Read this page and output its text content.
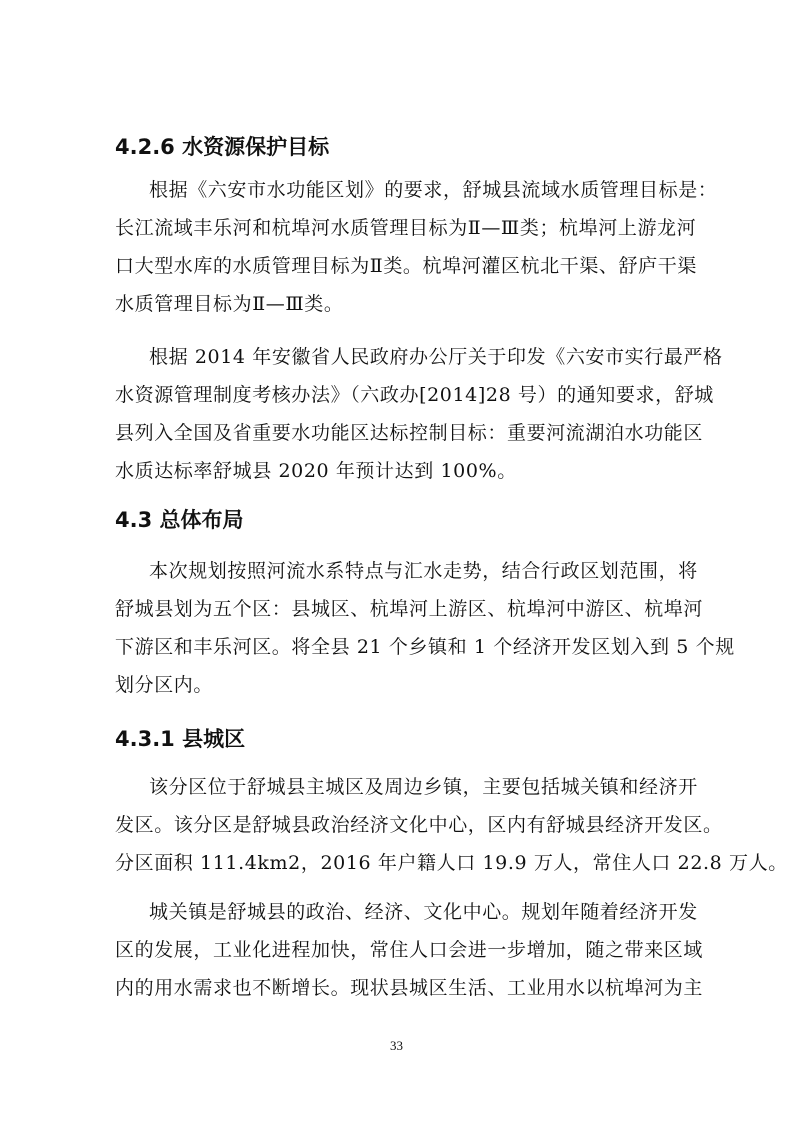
4.2.6 水资源保护目标
根据《六安市水功能区划》的要求，舒城县流域水质管理目标是：
长江流域丰乐河和杭埠河水质管理目标为Ⅱ—Ⅲ类；杭埠河上游龙河
口大型水库的水质管理目标为Ⅱ类。杭埠河灌区杭北干渠、舒庐干渠
水质管理目标为Ⅱ—Ⅲ类。
根据 2014 年安徽省人民政府办公厅关于印发《六安市实行最严格
水资源管理制度考核办法》（六政办[2014]28 号）的通知要求，舒城
县列入全国及省重要水功能区达标控制目标：重要河流湖泊水功能区
水质达标率舒城县 2020 年预计达到 100%。
4.3 总体布局
本次规划按照河流水系特点与汇水走势，结合行政区划范围，将
舒城县划为五个区：县城区、杭埠河上游区、杭埠河中游区、杭埠河
下游区和丰乐河区。将全县 21 个乡镇和 1 个经济开发区划入到 5 个规
划分区内。
4.3.1 县城区
该分区位于舒城县主城区及周边乡镇，主要包括城关镇和经济开
发区。该分区是舒城县政治经济文化中心，区内有舒城县经济开发区。
分区面积 111.4km2，2016 年户籍人口 19.9 万人，常住人口 22.8 万人。
城关镇是舒城县的政治、经济、文化中心。规划年随着经济开发
区的发展，工业化进程加快，常住人口会进一步增加，随之带来区域
内的用水需求也不断增长。现状县城区生活、工业用水以杭埠河为主
33
